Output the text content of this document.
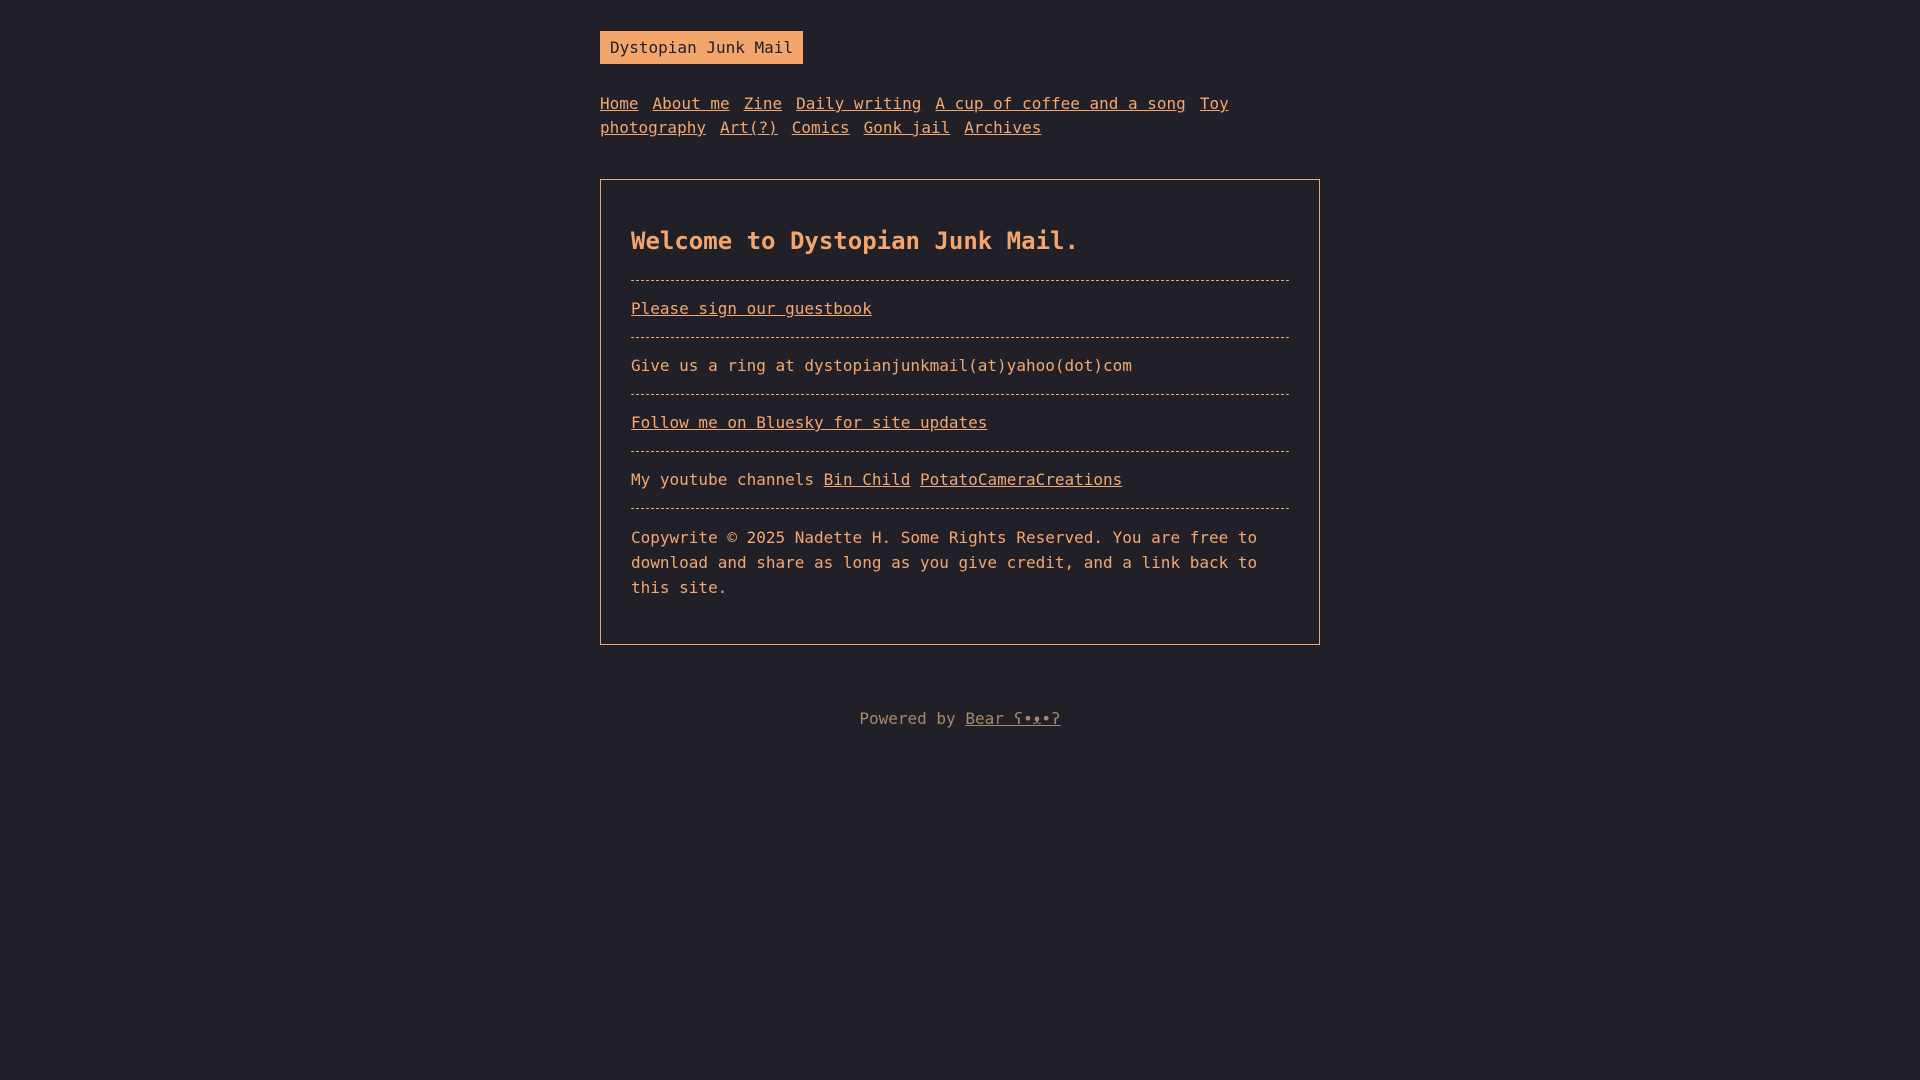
Dystopian Junk Mail
Home About me Zine Daily writing A cup of coffee and a song Toy photography Art(?) Comics Gonk jail Archives
Welcome to Dystopian Junk Mail.
Please sign our guestbook
Give us a ring at dystopianjunkmail(at)yahoo(dot)com
Follow me on Bluesky for site updates
My youtube channels Bin Child PotatoCameraCreations
Copywrite © 2025 Nadette H. Some Rights Reserved. You are free to download and share as long as you give credit, and a link back to this site.
Powered by Bear ʕ•ᴥ•ʔ
